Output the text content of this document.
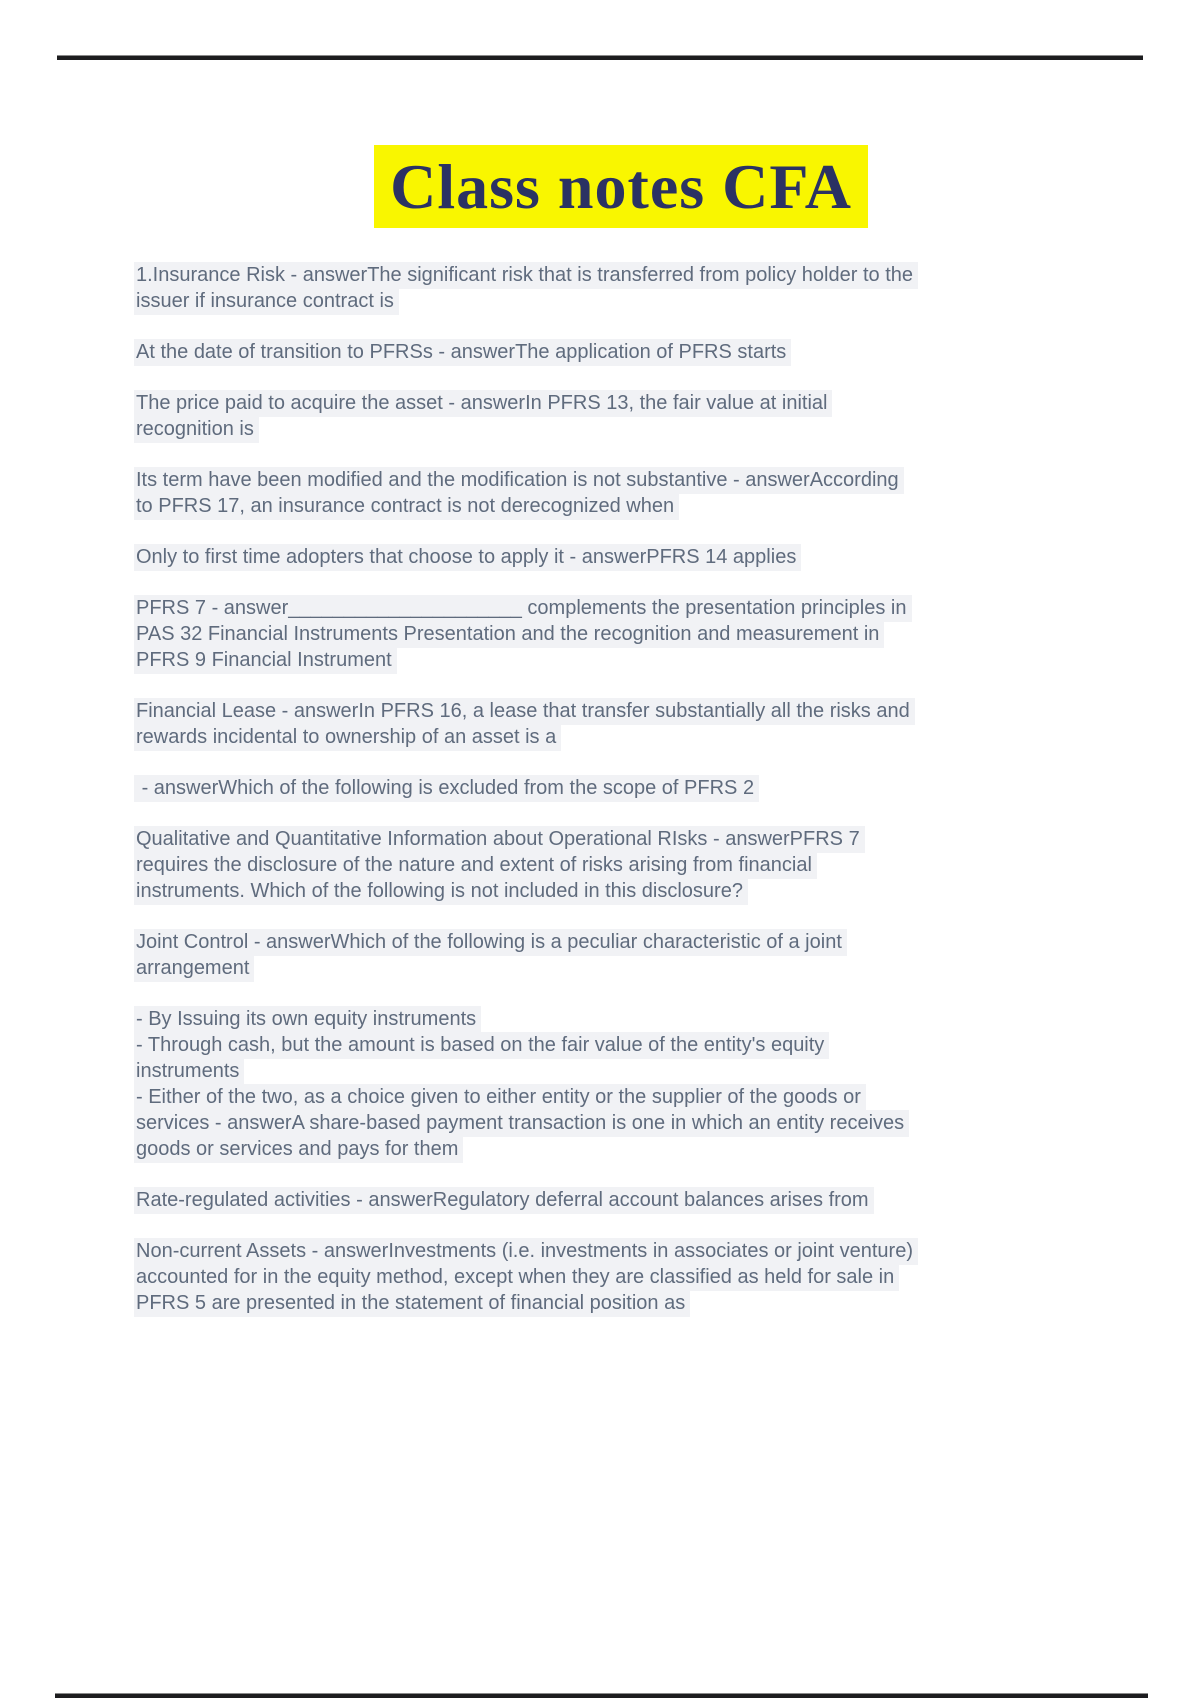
Class notes CFA

1.Insurance Risk - answerThe significant risk that is transferred from policy holder to the
issuer if insurance contract is

At the date of transition to PFRSs - answerThe application of PFRS starts

The price paid to acquire the asset - answerIn PFRS 13, the fair value at initial
recognition is

Its term have been modified and the modification is not substantive - answerAccording
to PFRS 17, an insurance contract is not derecognized when

Only to first time adopters that choose to apply it - answerPFRS 14 applies

PFRS 7 - answer_____________________ complements the presentation principles in
PAS 32 Financial Instruments Presentation and the recognition and measurement in
PFRS 9 Financial Instrument

Financial Lease - answerIn PFRS 16, a lease that transfer substantially all the risks and
rewards incidental to ownership of an asset is a

- answerWhich of the following is excluded from the scope of PFRS 2

Qualitative and Quantitative Information about Operational RIsks - answerPFRS 7
requires the disclosure of the nature and extent of risks arising from financial
instruments. Which of the following is not included in this disclosure?

Joint Control - answerWhich of the following is a peculiar characteristic of a joint
arrangement

- By Issuing its own equity instruments
- Through cash, but the amount is based on the fair value of the entity's equity
instruments
- Either of the two, as a choice given to either entity or the supplier of the goods or
services - answerA share-based payment transaction is one in which an entity receives
goods or services and pays for them

Rate-regulated activities - answerRegulatory deferral account balances arises from

Non-current Assets - answerInvestments (i.e. investments in associates or joint venture)
accounted for in the equity method, except when they are classified as held for sale in
PFRS 5 are presented in the statement of financial position as
